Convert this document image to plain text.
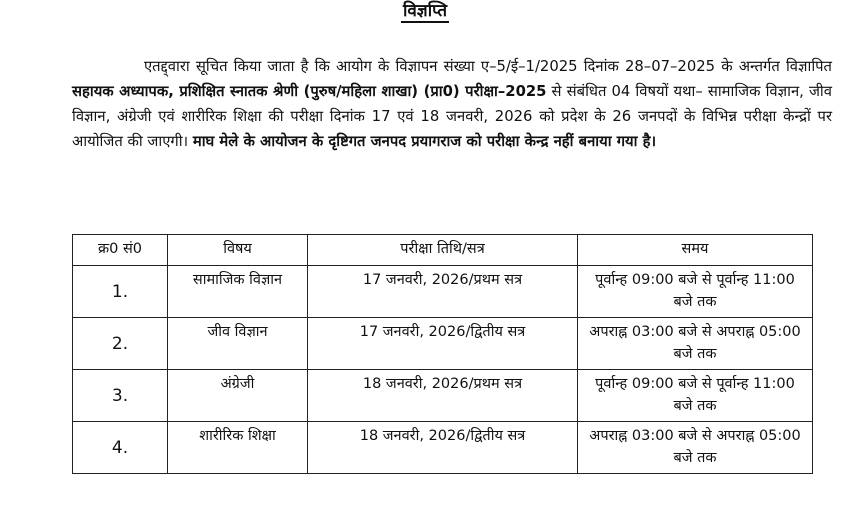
विज्ञप्ति
एतद्द्वारा सूचित किया जाता है कि आयोग के विज्ञापन संख्या ए–5/ई–1/2025 दिनांक 28–07–2025 के अन्तर्गत विज्ञापित सहायक अध्यापक, प्रशिक्षित स्नातक श्रेणी (पुरुष/महिला शाखा) (प्रा0) परीक्षा–2025 से संबंधित 04 विषयों यथा– सामाजिक विज्ञान, जीव विज्ञान, अंग्रेजी एवं शारीरिक शिक्षा की परीक्षा दिनांक 17 एवं 18 जनवरी, 2026 को प्रदेश के 26 जनपदों के विभिन्न परीक्षा केन्द्रों पर आयोजित की जाएगी। माघ मेले के आयोजन के दृष्टिगत जनपद प्रयागराज को परीक्षा केन्द्र नहीं बनाया गया है।
क्र0 सं0	विषय	परीक्षा तिथि/सत्र	समय
1.	सामाजिक विज्ञान	17 जनवरी, 2026/प्रथम सत्र	पूर्वान्ह 09:00 बजे से पूर्वान्ह 11:00 बजे तक
2.	जीव विज्ञान	17 जनवरी, 2026/द्वितीय सत्र	अपराह्न 03:00 बजे से अपराह्न 05:00 बजे तक
3.	अंग्रेजी	18 जनवरी, 2026/प्रथम सत्र	पूर्वान्ह 09:00 बजे से पूर्वान्ह 11:00 बजे तक
4.	शारीरिक शिक्षा	18 जनवरी, 2026/द्वितीय सत्र	अपराह्न 03:00 बजे से अपराह्न 05:00 बजे तक
